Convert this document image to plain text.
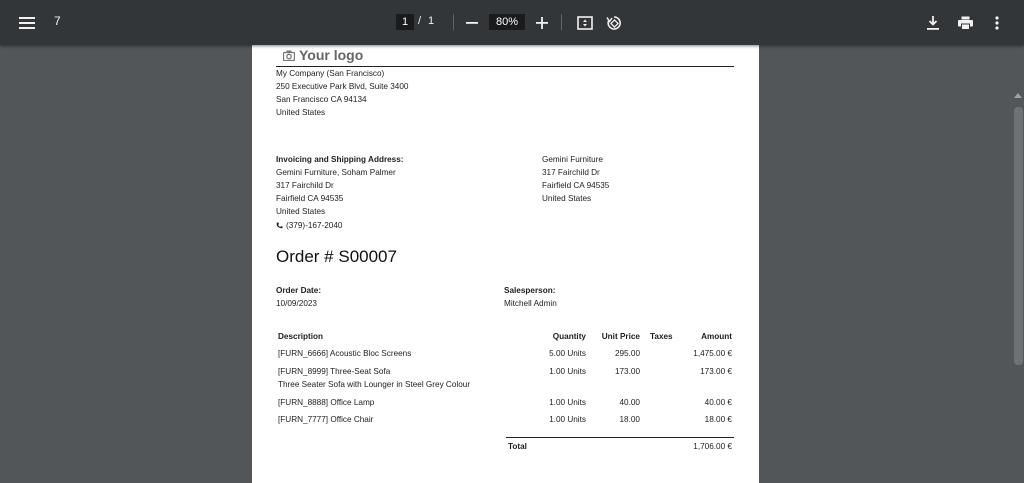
7	1 / 1	80%
Your logo
My Company (San Francisco)
250 Executive Park Blvd, Suite 3400
San Francisco CA 94134
United States
Invoicing and Shipping Address:
Gemini Furniture, Soham Palmer
317 Fairchild Dr
Fairfield CA 94535
United States
(379)-167-2040
Gemini Furniture
317 Fairchild Dr
Fairfield CA 94535
United States
Order # S00007
Order Date:
10/09/2023
Salesperson:
Mitchell Admin
Description	Quantity	Unit Price Taxes	Amount
[FURN_6666] Acoustic Bloc Screens	5.00 Units	295.00	1,475.00 €
[FURN_8999] Three-Seat Sofa
Three Seater Sofa with Lounger in Steel Grey Colour
1.00 Units	173.00	173.00 €
[FURN_8888] Office Lamp	1.00 Units	40.00	40.00 €
[FURN_7777] Office Chair	1.00 Units	18.00	18.00 €
Total	1,706.00 €
